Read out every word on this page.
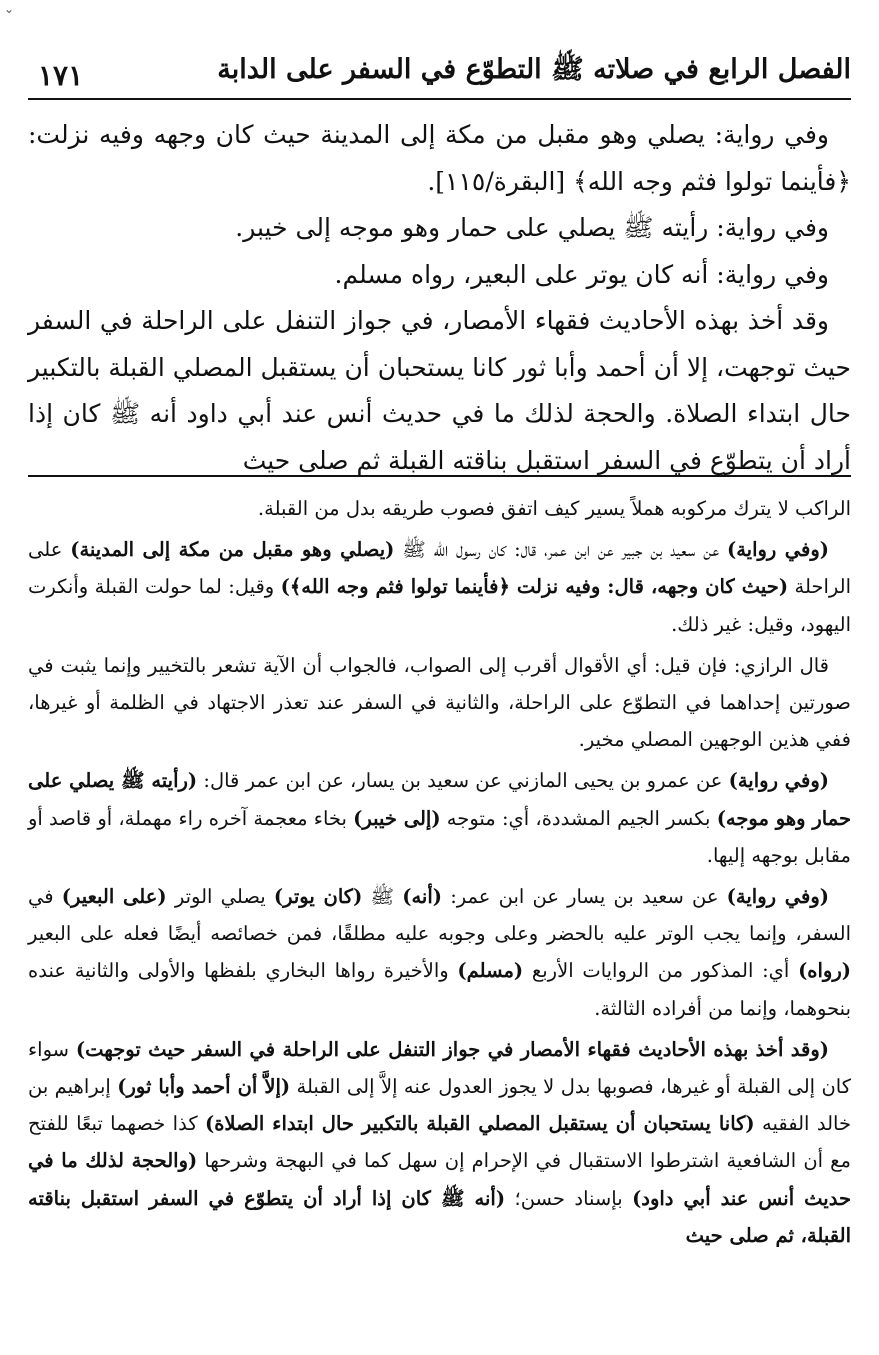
⌄
الفصل الرابع في صلاته ﷺ التطوّع في السفر على الدابة
١٧١

وفي رواية: يصلي وهو مقبل من مكة إلى المدينة حيث كان وجهه وفيه نزلت: ﴿فأينما تولوا فثم وجه الله﴾ [البقرة/١١٥].

وفي رواية: رأيته ﷺ يصلي على حمار وهو موجه إلى خيبر.

وفي رواية: أنه كان يوتر على البعير، رواه مسلم.

وقد أخذ بهذه الأحاديث فقهاء الأمصار، في جواز التنفل على الراحلة في السفر حيث توجهت، إلا أن أحمد وأبا ثور كانا يستحبان أن يستقبل المصلي القبلة بالتكبير حال ابتداء الصلاة. والحجة لذلك ما في حديث أنس عند أبي داود أنه ﷺ كان إذا أراد أن يتطوّع في السفر استقبل بناقته القبلة ثم صلى حيث

الراكب لا يترك مركوبه هملاً يسير كيف اتفق فصوب طريقه بدل من القبلة.

(وفي رواية) عن سعيد بن جبير عن ابن عمر، قال: كان رسول الله ﷺ (يصلي وهو مقبل من مكة إلى المدينة) على الراحلة (حيث كان وجهه، قال: وفيه نزلت ﴿فأينما تولوا فثم وجه الله﴾) وقيل: لما حولت القبلة وأنكرت اليهود، وقيل: غير ذلك.

قال الرازي: فإن قيل: أي الأقوال أقرب إلى الصواب، فالجواب أن الآية تشعر بالتخيير وإنما يثبت في صورتين إحداهما في التطوّع على الراحلة، والثانية في السفر عند تعذر الاجتهاد في الظلمة أو غيرها، ففي هذين الوجهين المصلي مخير.

(وفي رواية) عن عمرو بن يحيى المازني عن سعيد بن يسار، عن ابن عمر قال: (رأيته ﷺ يصلي على حمار وهو موجه) بكسر الجيم المشددة، أي: متوجه (إلى خيبر) بخاء معجمة آخره راء مهملة، أو قاصد أو مقابل بوجهه إليها.

(وفي رواية) عن سعيد بن يسار عن ابن عمر: (أنه) ﷺ (كان يوتر) يصلي الوتر (على البعير) في السفر، وإنما يجب الوتر عليه بالحضر وعلى وجوبه عليه مطلقًا، فمن خصائصه أيضًا فعله على البعير (رواه) أي: المذكور من الروايات الأربع (مسلم) والأخيرة رواها البخاري بلفظها والأولى والثانية عنده بنحوهما، وإنما من أفراده الثالثة.

(وقد أخذ بهذه الأحاديث فقهاء الأمصار في جواز التنفل على الراحلة في السفر حيث توجهت) سواء كان إلى القبلة أو غيرها، فصوبها بدل لا يجوز العدول عنه إلاَّ إلى القبلة (إلاَّ أن أحمد وأبا ثور) إبراهيم بن خالد الفقيه (كانا يستحبان أن يستقبل المصلي القبلة بالتكبير حال ابتداء الصلاة) كذا خصهما تبعًا للفتح مع أن الشافعية اشترطوا الاستقبال في الإحرام إن سهل كما في البهجة وشرحها (والحجة لذلك ما في حديث أنس عند أبي داود) بإسناد حسن؛ (أنه ﷺ كان إذا أراد أن يتطوّع في السفر استقبل بناقته القبلة، ثم صلى حيث
